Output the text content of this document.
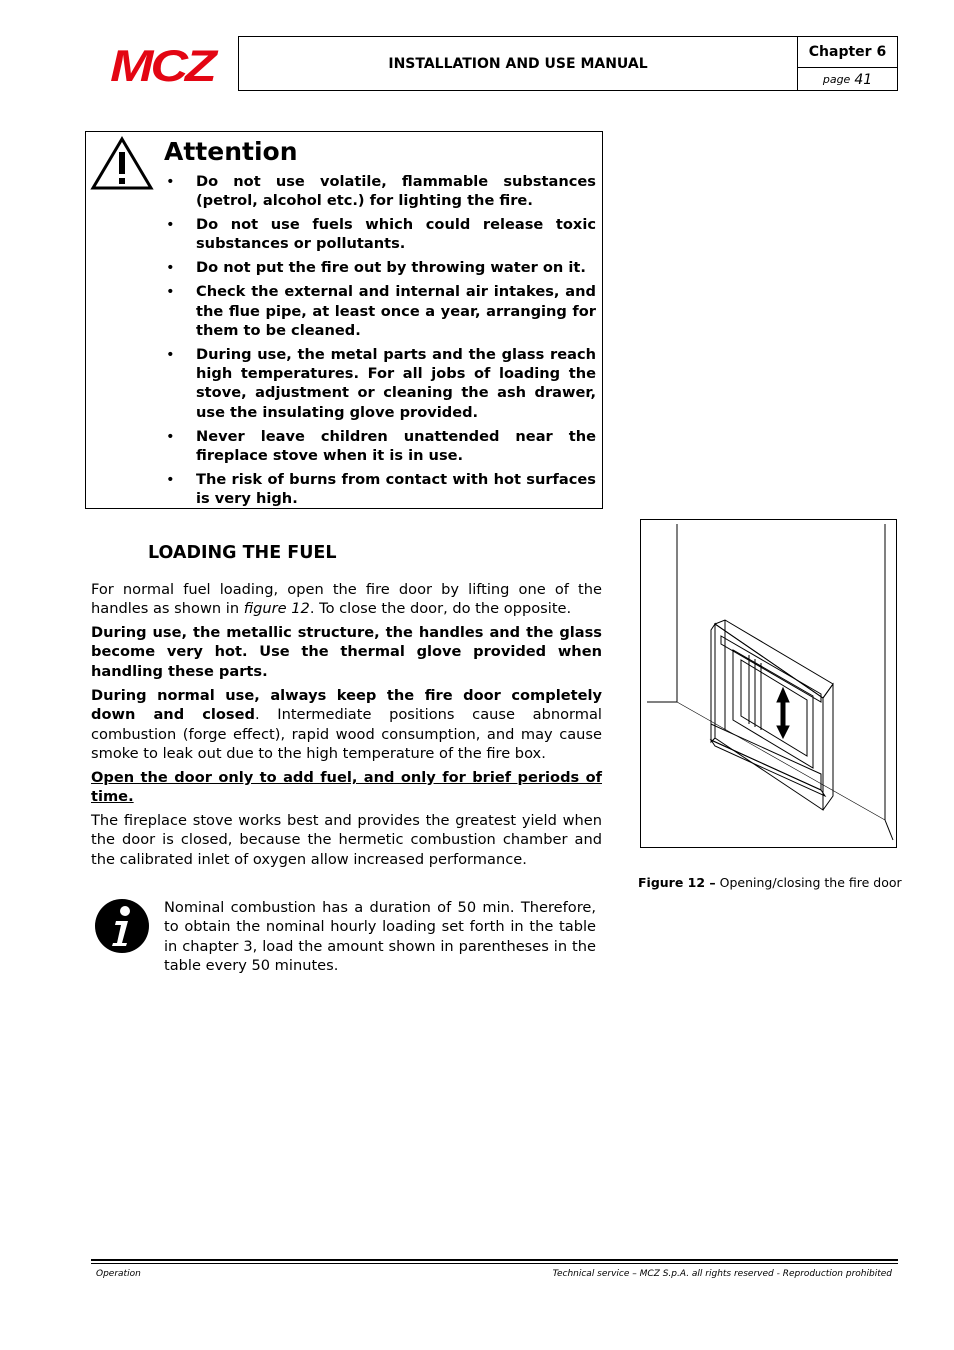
MCZ	INSTALLATION AND USE MANUAL
Chapter 6
page 41
Attention
• Do not use volatile, flammable substances (petrol, alcohol etc.) for lighting the fire.
• Do not use fuels which could release toxic substances or pollutants.
• Do not put the fire out by throwing water on it.
• Check the external and internal air intakes, and the flue pipe, at least once a year, arranging for them to be cleaned.
• During use, the metal parts and the glass reach high temperatures. For all jobs of loading the stove, adjustment or cleaning the ash drawer, use the insulating glove provided.
• Never leave children unattended near the fireplace stove when it is in use.
• The risk of burns from contact with hot surfaces is very high.
LOADING THE FUEL

For normal fuel loading, open the fire door by lifting one of the handles as shown in figure 12. To close the door, do the opposite.

During use, the metallic structure, the handles and the glass become very hot. Use the thermal glove provided when handling these parts.

During normal use, always keep the fire door completely down and closed. Intermediate positions cause abnormal combustion (forge effect), rapid wood consumption, and may cause smoke to leak out due to the high temperature of the fire box.

Open the door only to add fuel, and only for brief periods of time.

The fireplace stove works best and provides the greatest yield when the door is closed, because the hermetic combustion chamber and the calibrated inlet of oxygen allow increased performance.

Figure 12 – Opening/closing the fire door

Nominal combustion has a duration of 50 min. Therefore, to obtain the nominal hourly loading set forth in the table in chapter 3, load the amount shown in parentheses in the table every 50 minutes.

Operation	Technical service – MCZ S.p.A. all rights reserved - Reproduction prohibited
